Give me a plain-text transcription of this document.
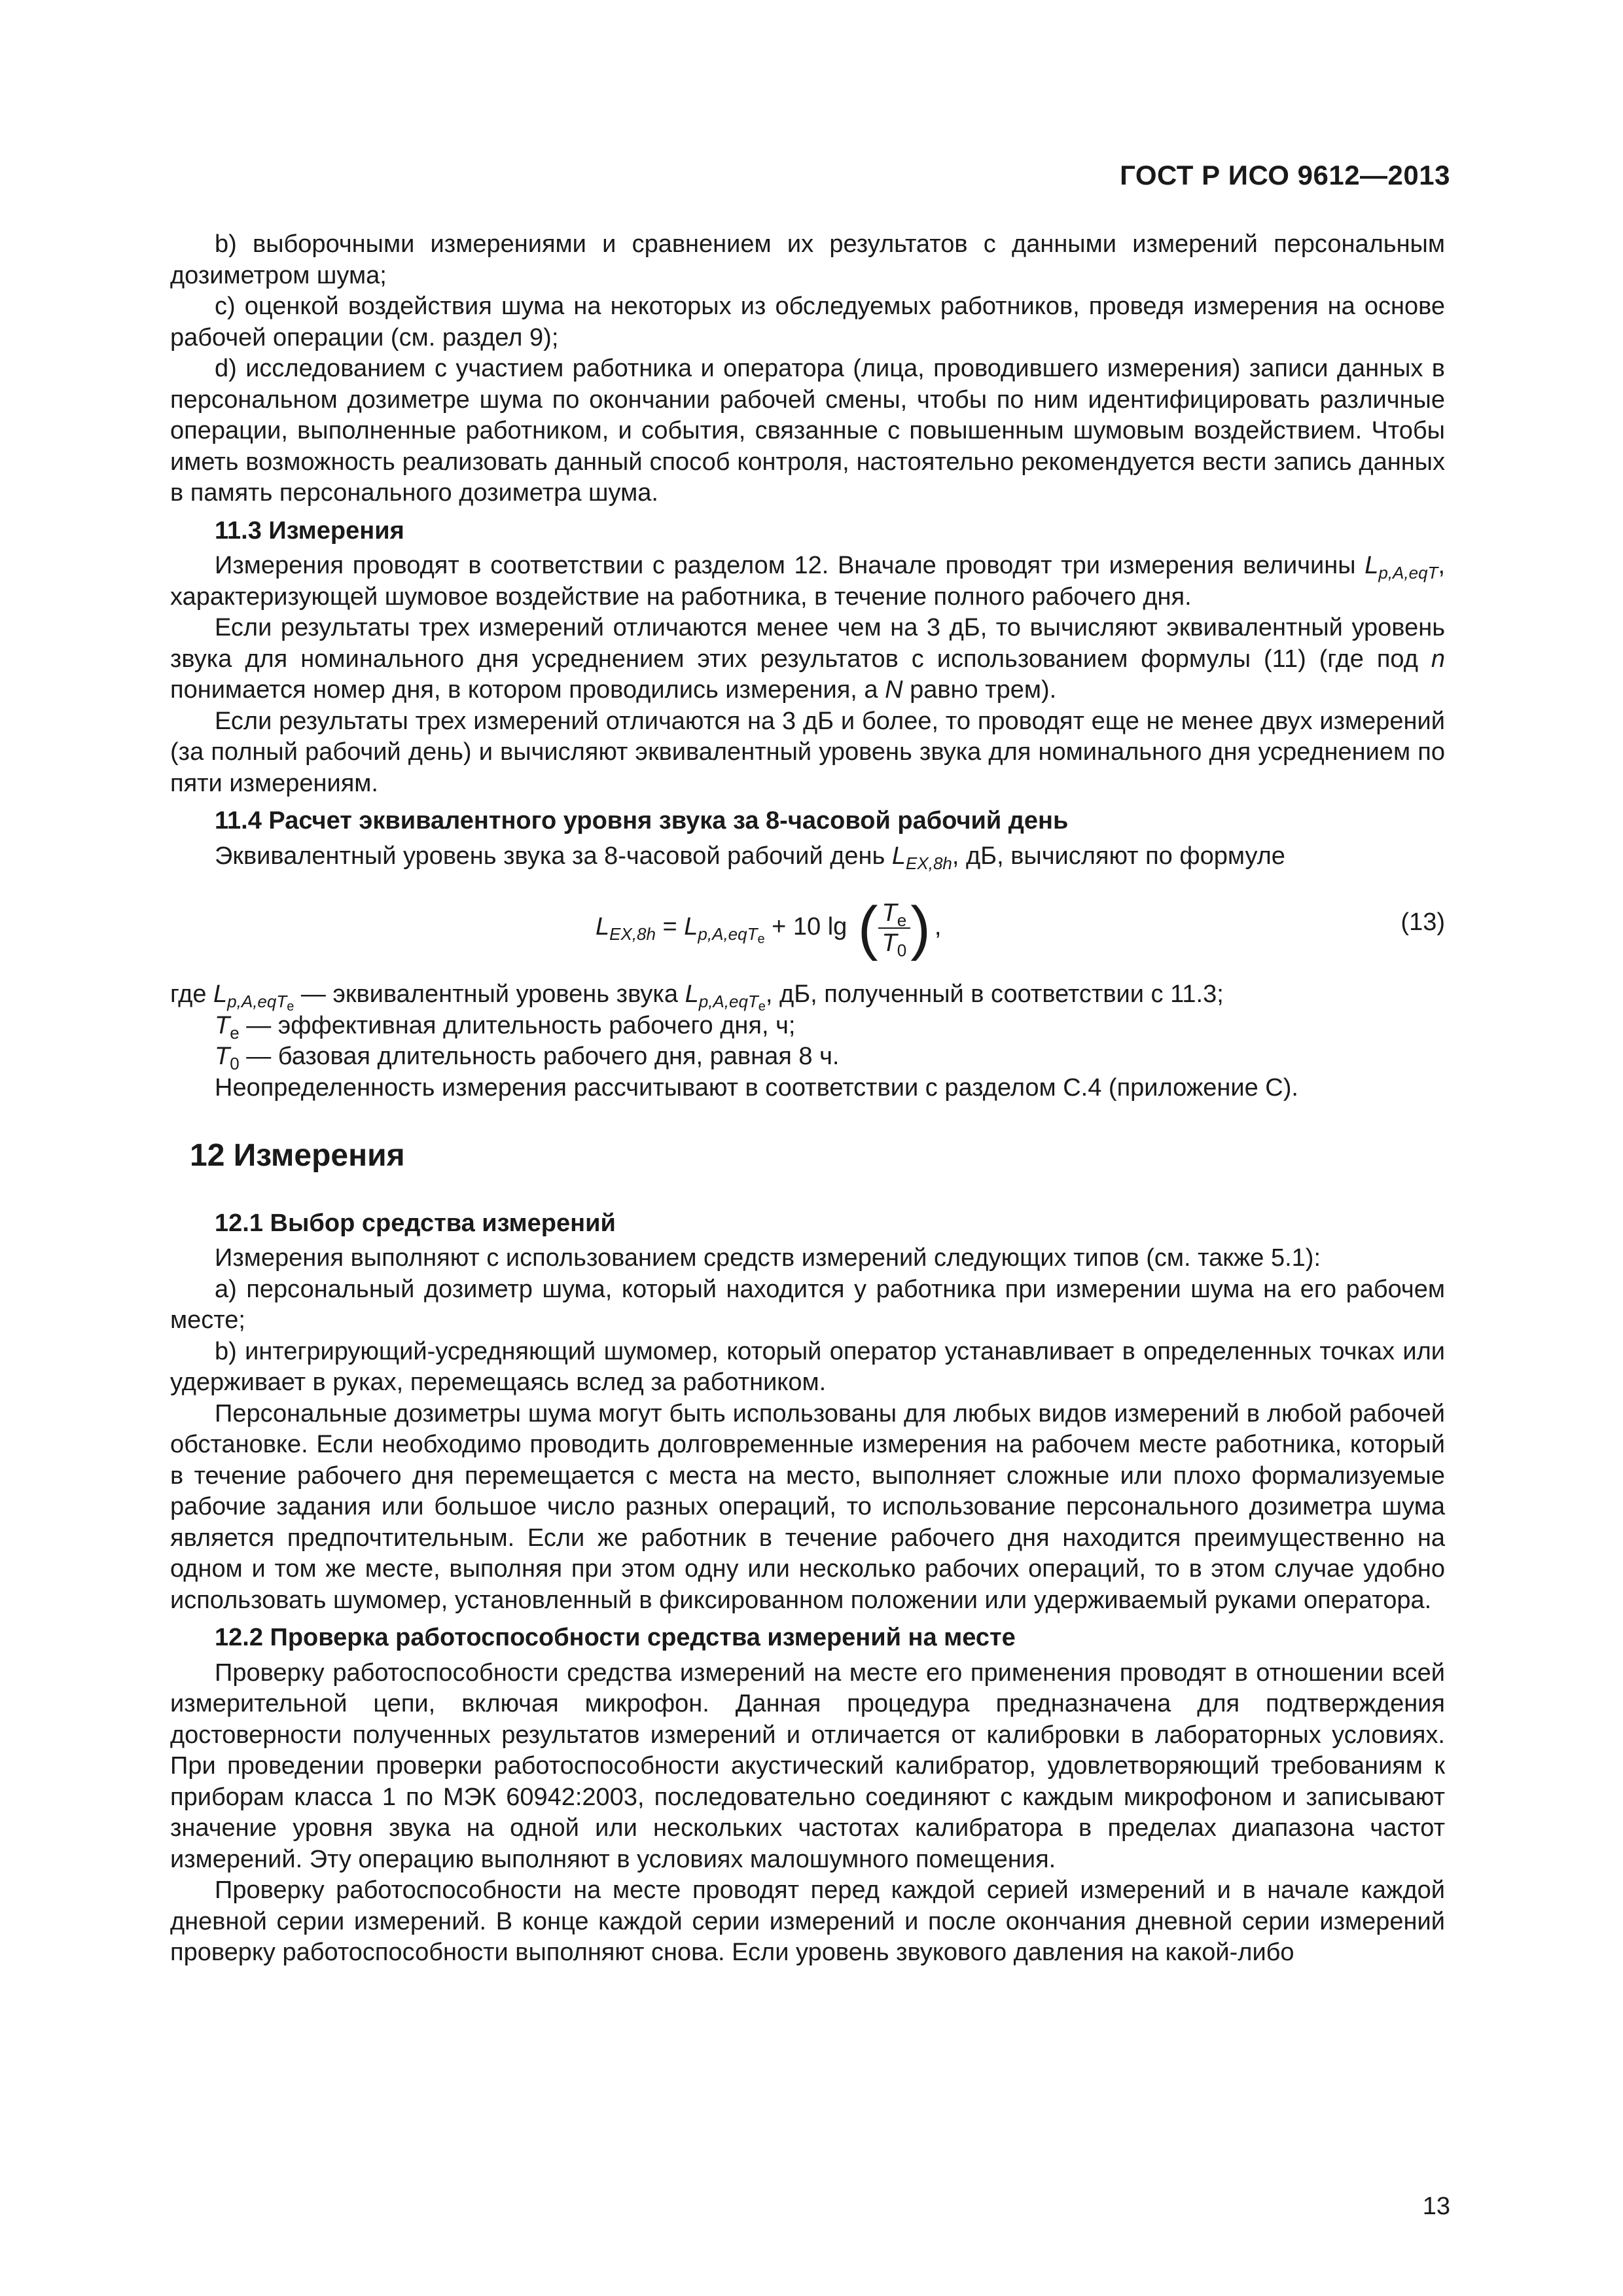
ГОСТ Р ИСО 9612—2013

b) выборочными измерениями и сравнением их результатов с данными измерений персональным дозиметром шума;

c) оценкой воздействия шума на некоторых из обследуемых работников, проведя измерения на основе рабочей операции (см. раздел 9);

d) исследованием с участием работника и оператора (лица, проводившего измерения) записи данных в персональном дозиметре шума по окончании рабочей смены, чтобы по ним идентифицировать различные операции, выполненные работником, и события, связанные с повышенным шумовым воздействием. Чтобы иметь возможность реализовать данный способ контроля, настоятельно рекомендуется вести запись данных в память персонального дозиметра шума.

11.3 Измерения

Измерения проводят в соответствии с разделом 12. Вначале проводят три измерения величины $L_{p,A,eqT}$, характеризующей шумовое воздействие на работника, в течение полного рабочего дня.

Если результаты трех измерений отличаются менее чем на 3 дБ, то вычисляют эквивалентный уровень звука для номинального дня усреднением этих результатов с использованием формулы (11) (где под n понимается номер дня, в котором проводились измерения, а N равно трем).

Если результаты трех измерений отличаются на 3 дБ и более, то проводят еще не менее двух измерений (за полный рабочий день) и вычисляют эквивалентный уровень звука для номинального дня усреднением по пяти измерениям.

11.4 Расчет эквивалентного уровня звука за 8-часовой рабочий день

Эквивалентный уровень звука за 8-часовой рабочий день $L_{EX,8h}$, дБ, вычисляют по формуле

$L_{EX,8h} = L_{p,A,eqT_e} + 10$ lg ( $\frac{T_e}{T_0}$ ) ,	(13)
где $L_{p,A,eqT_e}$ — эквивалентный уровень звука $L_{p,A,eqT_e}$, дБ, полученный в соответствии с 11.3;
$T_e$ — эффективная длительность рабочего дня, ч;
$T_0$ — базовая длительность рабочего дня, равная 8 ч.

Неопределенность измерения рассчитывают в соответствии с разделом С.4 (приложение С).

12 Измерения
12.1 Выбор средства измерений

Измерения выполняют с использованием средств измерений следующих типов (см. также 5.1):

a) персональный дозиметр шума, который находится у работника при измерении шума на его рабочем месте;

b) интегрирующий-усредняющий шумомер, который оператор устанавливает в определенных точках или удерживает в руках, перемещаясь вслед за работником.

Персональные дозиметры шума могут быть использованы для любых видов измерений в любой рабочей обстановке. Если необходимо проводить долговременные измерения на рабочем месте работника, который в течение рабочего дня перемещается с места на место, выполняет сложные или плохо формализуемые рабочие задания или большое число разных операций, то использование персонального дозиметра шума является предпочтительным. Если же работник в течение рабочего дня находится преимущественно на одном и том же месте, выполняя при этом одну или несколько рабочих операций, то в этом случае удобно использовать шумомер, установленный в фиксированном положении или удерживаемый руками оператора.

12.2 Проверка работоспособности средства измерений на месте

Проверку работоспособности средства измерений на месте его применения проводят в отношении всей измерительной цепи, включая микрофон. Данная процедура предназначена для подтверждения достоверности полученных результатов измерений и отличается от калибровки в лабораторных условиях. При проведении проверки работоспособности акустический калибратор, удовлетворяющий требованиям к приборам класса 1 по МЭК 60942:2003, последовательно соединяют с каждым микрофоном и записывают значение уровня звука на одной или нескольких частотах калибратора в пределах диапазона частот измерений. Эту операцию выполняют в условиях малошумного помещения.

Проверку работоспособности на месте проводят перед каждой серией измерений и в начале каждой дневной серии измерений. В конце каждой серии измерений и после окончания дневной серии измерений проверку работоспособности выполняют снова. Если уровень звукового давления на какой-либо

13
